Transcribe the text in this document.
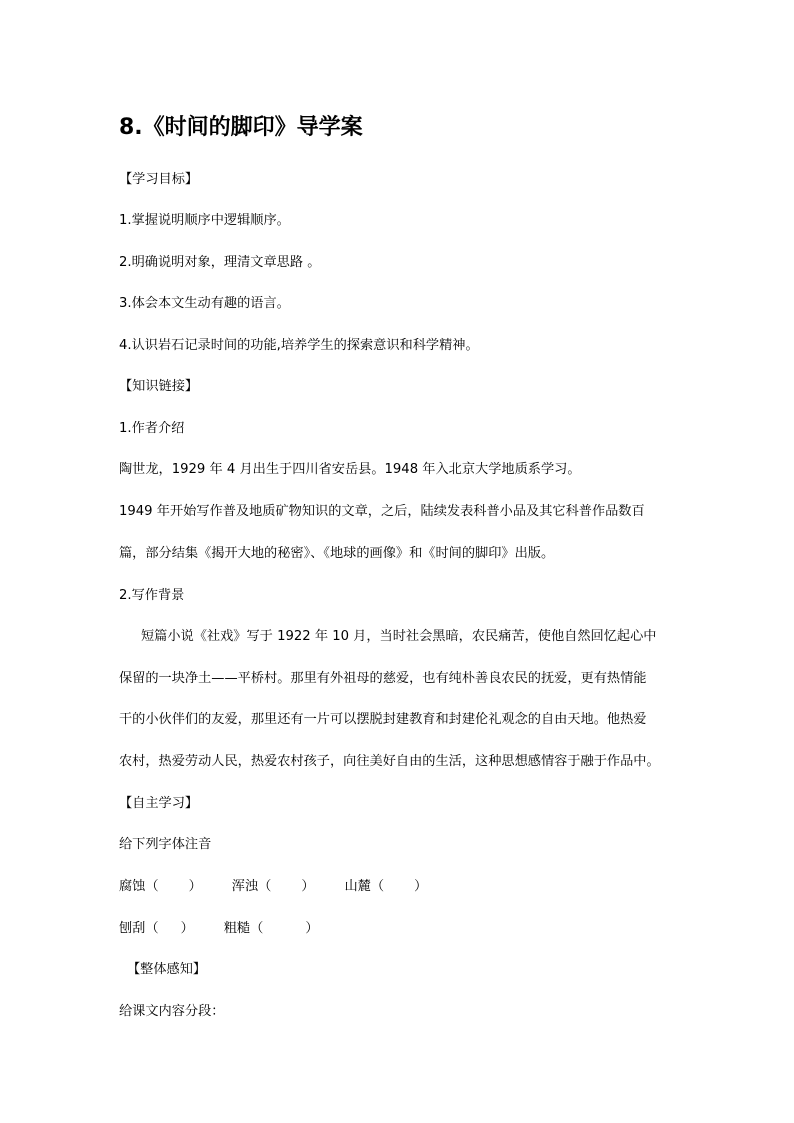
8.《时间的脚印》导学案
【学习目标】
1.掌握说明顺序中逻辑顺序。
2.明确说明对象，理清文章思路 。
3.体会本文生动有趣的语言。
4.认识岩石记录时间的功能,培养学生的探索意识和科学精神。
【知识链接】
1.作者介绍
陶世龙，1929 年 4 月出生于四川省安岳县。1948 年入北京大学地质系学习。
1949 年开始写作普及地质矿物知识的文章，之后，陆续发表科普小品及其它科普作品数百
篇，部分结集《揭开大地的秘密》、《地球的画像》和《时间的脚印》出版。
2.写作背景
短篇小说《社戏》写于 1922 年 10 月，当时社会黑暗，农民痛苦，使他自然回忆起心中
保留的一块净土——平桥村。那里有外祖母的慈爱，也有纯朴善良农民的抚爱，更有热情能
干的小伙伴们的友爱，那里还有一片可以摆脱封建教育和封建伦礼观念的自由天地。他热爱
农村，热爱劳动人民，热爱农村孩子，向往美好自由的生活，这种思想感情容于融于作品中。
【自主学习】
给下列字体注音
腐蚀（ ） 浑浊（ ） 山麓（ ）
刨刮（ ） 粗糙（	）
【整体感知】
给课文内容分段：
